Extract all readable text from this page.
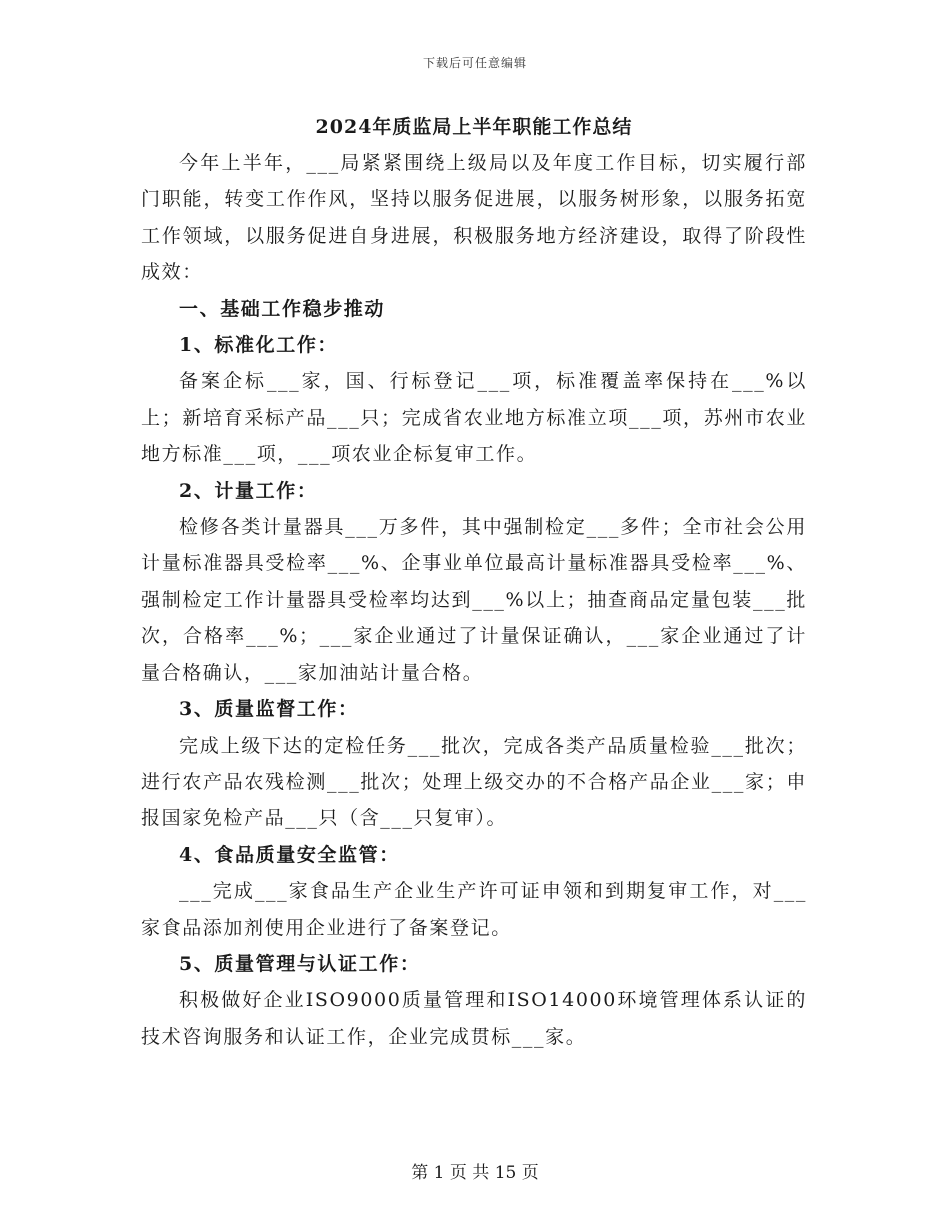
下载后可任意编辑
2024年质监局上半年职能工作总结

今年上半年，___局紧紧围绕上级局以及年度工作目标，切实履行部门职能，转变工作作风，坚持以服务促进展，以服务树形象，以服务拓宽工作领域，以服务促进自身进展，积极服务地方经济建设，取得了阶段性成效：

一、基础工作稳步推动

1、标准化工作：

备案企标___家，国、行标登记___项，标准覆盖率保持在___%以上；新培育采标产品___只；完成省农业地方标准立项___项，苏州市农业地方标准___项，___项农业企标复审工作。

2、计量工作：

检修各类计量器具___万多件，其中强制检定___多件；全市社会公用计量标准器具受检率___%、企事业单位最高计量标准器具受检率___%、强制检定工作计量器具受检率均达到___%以上；抽查商品定量包装___批次，合格率___%；___家企业通过了计量保证确认，___家企业通过了计量合格确认，___家加油站计量合格。

3、质量监督工作：

完成上级下达的定检任务___批次，完成各类产品质量检验___批次；进行农产品农残检测___批次；处理上级交办的不合格产品企业___家；申报国家免检产品___只（含___只复审）。

4、食品质量安全监管：

___完成___家食品生产企业生产许可证申领和到期复审工作，对___家食品添加剂使用企业进行了备案登记。

5、质量管理与认证工作：

积极做好企业ISO9000质量管理和ISO14000环境管理体系认证的技术咨询服务和认证工作，企业完成贯标___家。

第 1 页 共 15 页
